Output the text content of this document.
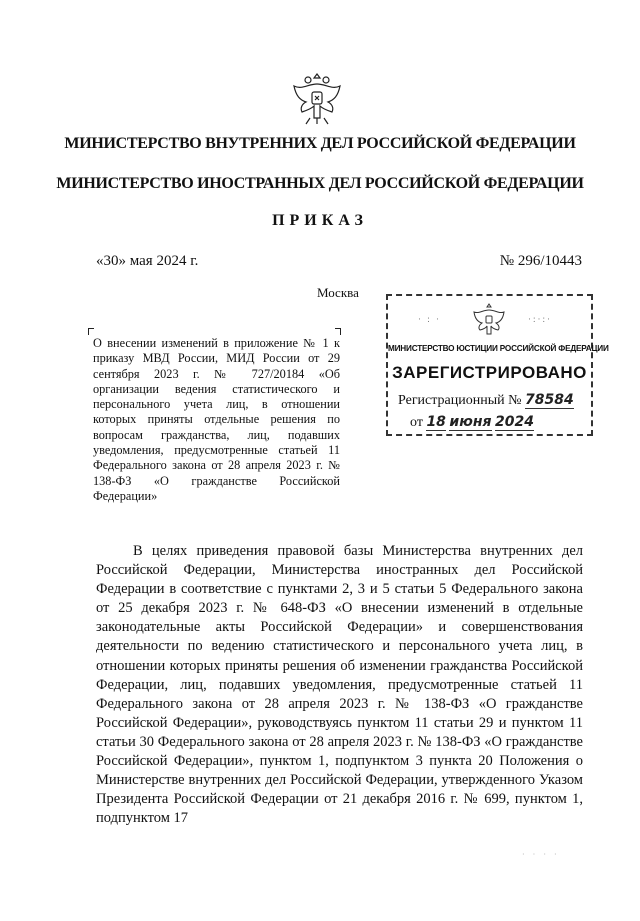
МИНИСТЕРСТВО ВНУТРЕННИХ ДЕЛ РОССИЙСКОЙ ФЕДЕРАЦИИ
МИНИСТЕРСТВО ИНОСТРАННЫХ ДЕЛ РОССИЙСКОЙ ФЕДЕРАЦИИ
ПРИКАЗ
«30» мая 2024 г.	№ 296/10443
Москва
О внесении изменений в приложение № 1 к приказу МВД России, МИД России от 29 сентября 2023 г. № 727/20184 «Об организации ведения статистического и персонального учета лиц, в отношении которых приняты отдельные решения по вопросам гражданства, лиц, подавших уведомления, предусмотренные статьей 11 Федерального закона от 28 апреля 2023 г. № 138-ФЗ «О гражданстве Российской Федерации»
· : ·	·:·:·
МИНИСТЕРСТВО ЮСТИЦИИ РОССИЙСКОЙ ФЕДЕРАЦИИ
ЗАРЕГИСТРИРОВАНО
Регистрационный № 78584
от 18 июня 2024

В целях приведения правовой базы Министерства внутренних дел Российской Федерации, Министерства иностранных дел Российской Федерации в соответствие с пунктами 2, 3 и 5 статьи 5 Федерального закона от 25 декабря 2023 г. № 648-ФЗ «О внесении изменений в отдельные законодательные акты Российской Федерации» и совершенствования деятельности по ведению статистического и персонального учета лиц, в отношении которых приняты решения об изменении гражданства Российской Федерации, лиц, подавших уведомления, предусмотренные статьей 11 Федерального закона от 28 апреля 2023 г. № 138-ФЗ «О гражданстве Российской Федерации», руководствуясь пунктом 11 статьи 29 и пунктом 11 статьи 30 Федерального закона от 28 апреля 2023 г. № 138-ФЗ «О гражданстве Российской Федерации», пунктом 1, подпунктом 3 пункта 20 Положения о Министерстве внутренних дел Российской Федерации, утвержденного Указом Президента Российской Федерации от 21 декабря 2016 г. № 699, пунктом 1, подпунктом 17

· · · ·
